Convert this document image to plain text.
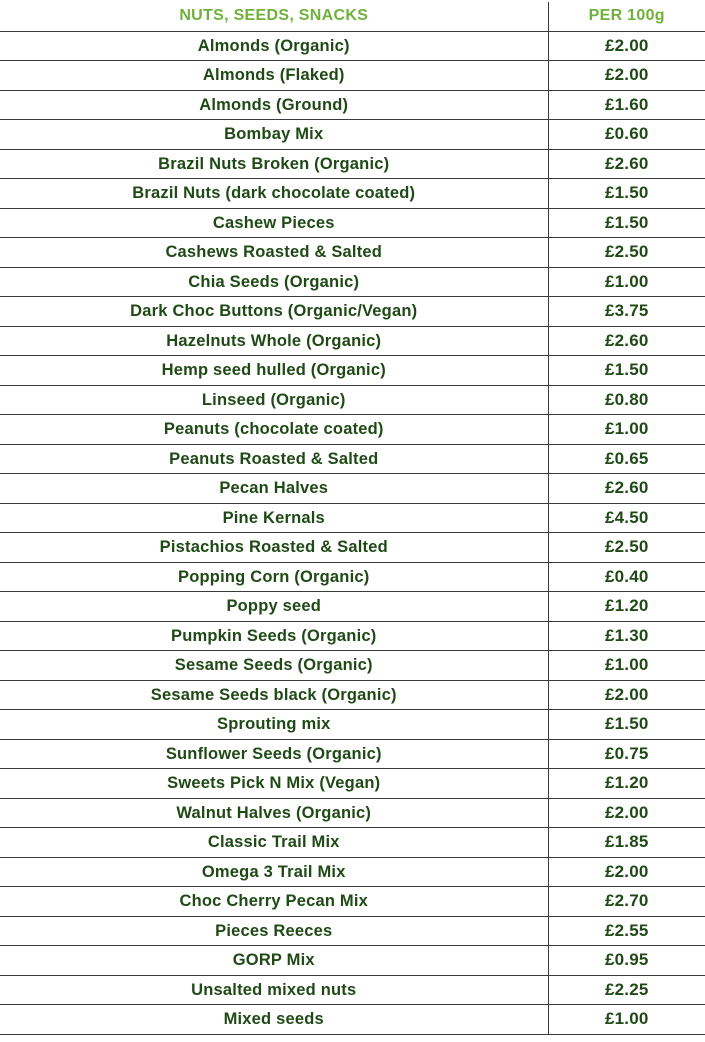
NUTS, SEEDS, SNACKS	PER 100g
Almonds (Organic)	£2.00
Almonds (Flaked)	£2.00
Almonds (Ground)	£1.60
Bombay Mix	£0.60
Brazil Nuts Broken (Organic)	£2.60
Brazil Nuts (dark chocolate coated)	£1.50
Cashew Pieces	£1.50
Cashews Roasted & Salted	£2.50
Chia Seeds (Organic)	£1.00
Dark Choc Buttons (Organic/Vegan)	£3.75
Hazelnuts Whole (Organic)	£2.60
Hemp seed hulled (Organic)	£1.50
Linseed (Organic)	£0.80
Peanuts (chocolate coated)	£1.00
Peanuts Roasted & Salted	£0.65
Pecan Halves	£2.60
Pine Kernals	£4.50
Pistachios Roasted & Salted	£2.50
Popping Corn (Organic)	£0.40
Poppy seed	£1.20
Pumpkin Seeds (Organic)	£1.30
Sesame Seeds (Organic)	£1.00
Sesame Seeds black (Organic)	£2.00
Sprouting mix	£1.50
Sunflower Seeds (Organic)	£0.75
Sweets Pick N Mix (Vegan)	£1.20
Walnut Halves (Organic)	£2.00
Classic Trail Mix	£1.85
Omega 3 Trail Mix	£2.00
Choc Cherry Pecan Mix	£2.70
Pieces Reeces	£2.55
GORP Mix	£0.95
Unsalted mixed nuts	£2.25
Mixed seeds	£1.00
